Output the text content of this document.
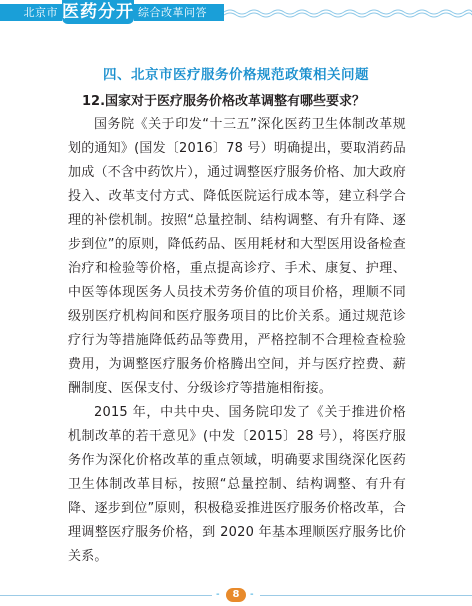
北京市 医药分开 综合改革问答
四、北京市医疗服务价格规范政策相关问题
12.国家对于医疗服务价格改革调整有哪些要求？

国务院《关于印发“十三五”深化医药卫生体制改革规划的通知》(国发〔2016〕78 号）明确提出，要取消药品加成（不含中药饮片），通过调整医疗服务价格、加大政府投入、改革支付方式、降低医院运行成本等，建立科学合理的补偿机制。按照“总量控制、结构调整、有升有降、逐步到位”的原则，降低药品、医用耗材和大型医用设备检查治疗和检验等价格，重点提高诊疗、手术、康复、护理、中医等体现医务人员技术劳务价值的项目价格，理顺不同级别医疗机构间和医疗服务项目的比价关系。通过规范诊疗行为等措施降低药品等费用，严格控制不合理检查检验费用，为调整医疗服务价格腾出空间，并与医疗控费、薪酬制度、医保支付、分级诊疗等措施相衔接。

2015 年，中共中央、国务院印发了《关于推进价格机制改革的若干意见》(中发〔2015〕28 号），将医疗服务作为深化价格改革的重点领域，明确要求围绕深化医药卫生体制改革目标，按照“总量控制、结构调整、有升有降、逐步到位”原则，积极稳妥推进医疗服务价格改革，合理调整医疗服务价格，到 2020 年基本理顺医疗服务比价关系。

-	8	-
